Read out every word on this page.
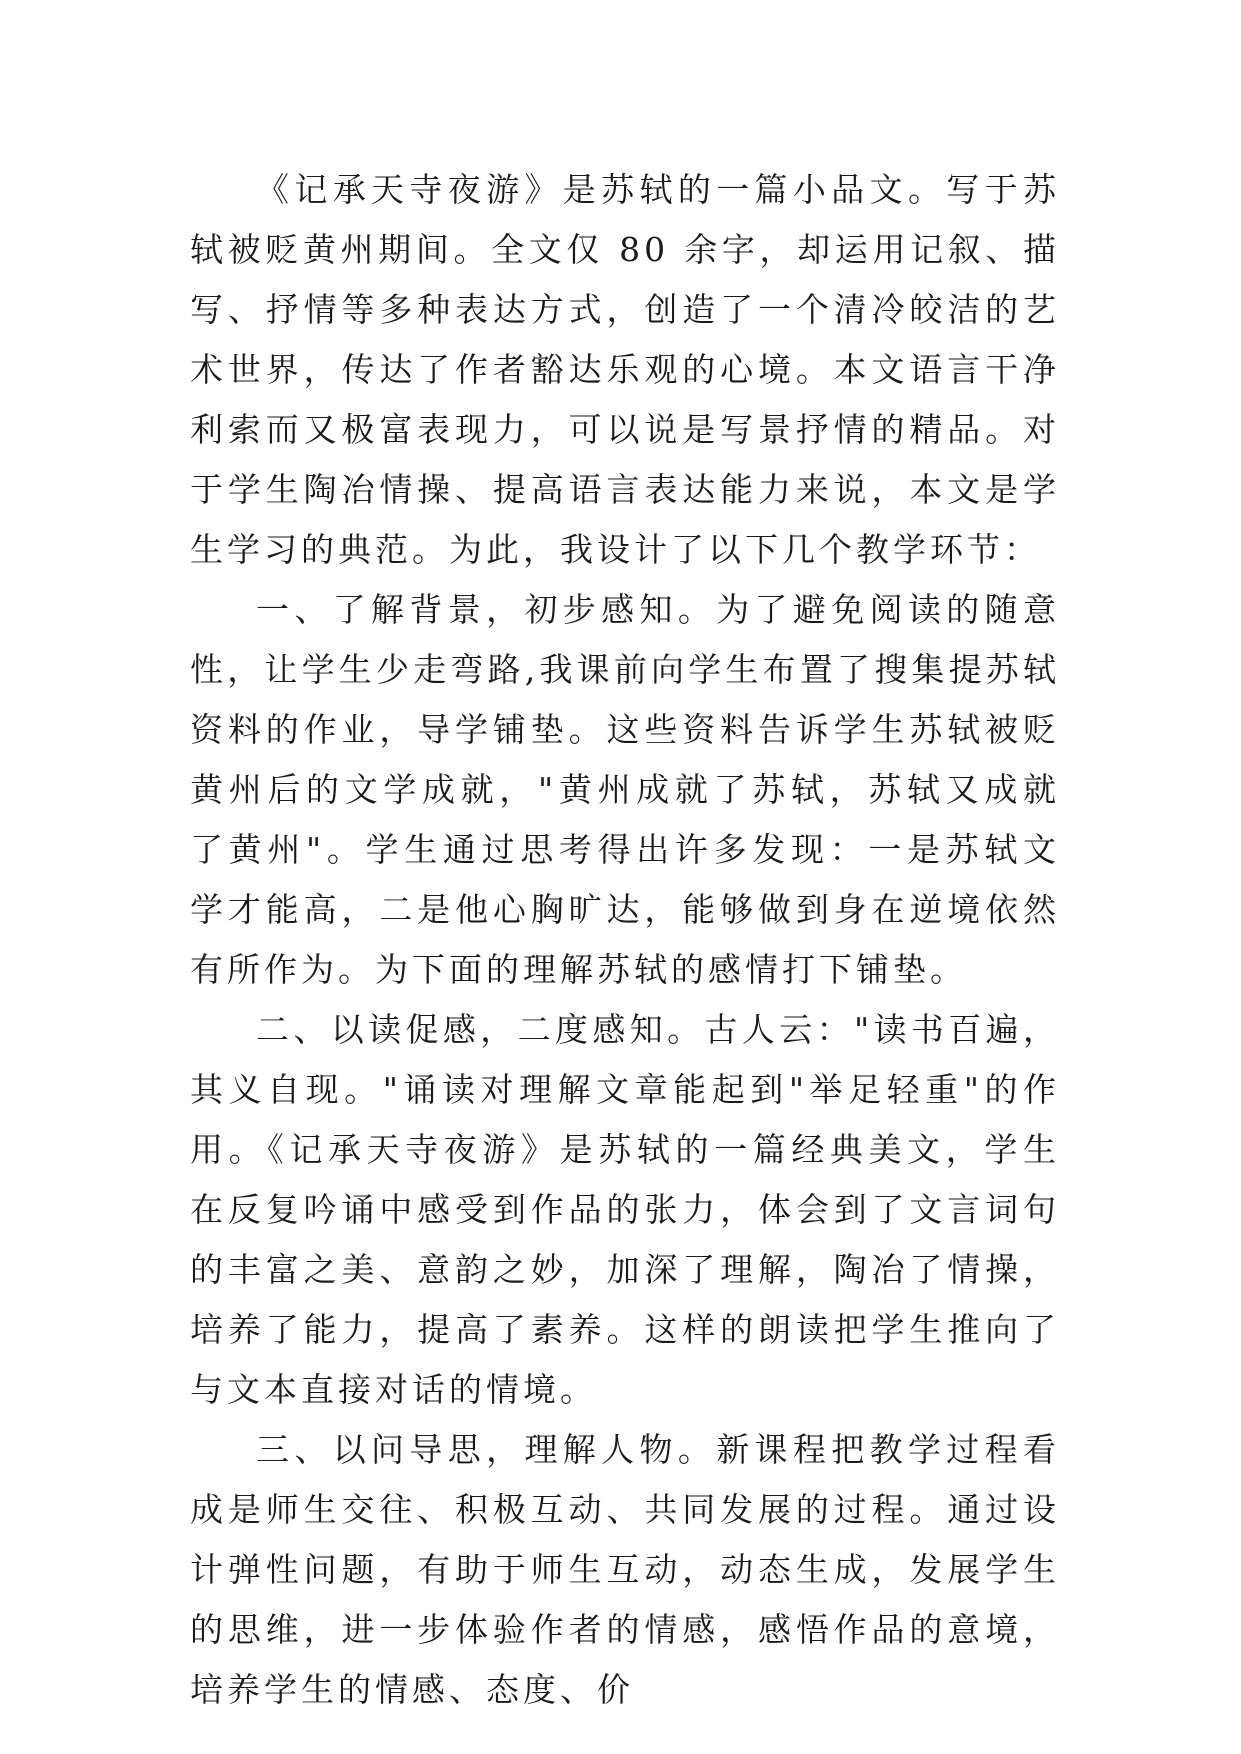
《记承天寺夜游》是苏轼的一篇小品文。写于苏轼被贬黄州期间。全文仅 80 余字，却运用记叙、描写、抒情等多种表达方式，创造了一个清冷皎洁的艺术世界，传达了作者豁达乐观的心境。本文语言干净利索而又极富表现力，可以说是写景抒情的精品。对于学生陶冶情操、提高语言表达能力来说，本文是学生学习的典范。为此，我设计了以下几个教学环节：

一、了解背景，初步感知。为了避免阅读的随意性，让学生少走弯路,我课前向学生布置了搜集提苏轼资料的作业，导学铺垫。这些资料告诉学生苏轼被贬黄州后的文学成就，"黄州成就了苏轼，苏轼又成就了黄州"。学生通过思考得出许多发现：一是苏轼文学才能高，二是他心胸旷达，能够做到身在逆境依然有所作为。为下面的理解苏轼的感情打下铺垫。

二、以读促感，二度感知。古人云："读书百遍，其义自现。"诵读对理解文章能起到"举足轻重"的作用。《记承天寺夜游》是苏轼的一篇经典美文，学生在反复吟诵中感受到作品的张力，体会到了文言词句的丰富之美、意韵之妙，加深了理解，陶冶了情操，培养了能力，提高了素养。这样的朗读把学生推向了与文本直接对话的情境。

三、以问导思，理解人物。新课程把教学过程看成是师生交往、积极互动、共同发展的过程。通过设计弹性问题，有助于师生互动，动态生成，发展学生的思维，进一步体验作者的情感，感悟作品的意境，培养学生的情感、态度、价
